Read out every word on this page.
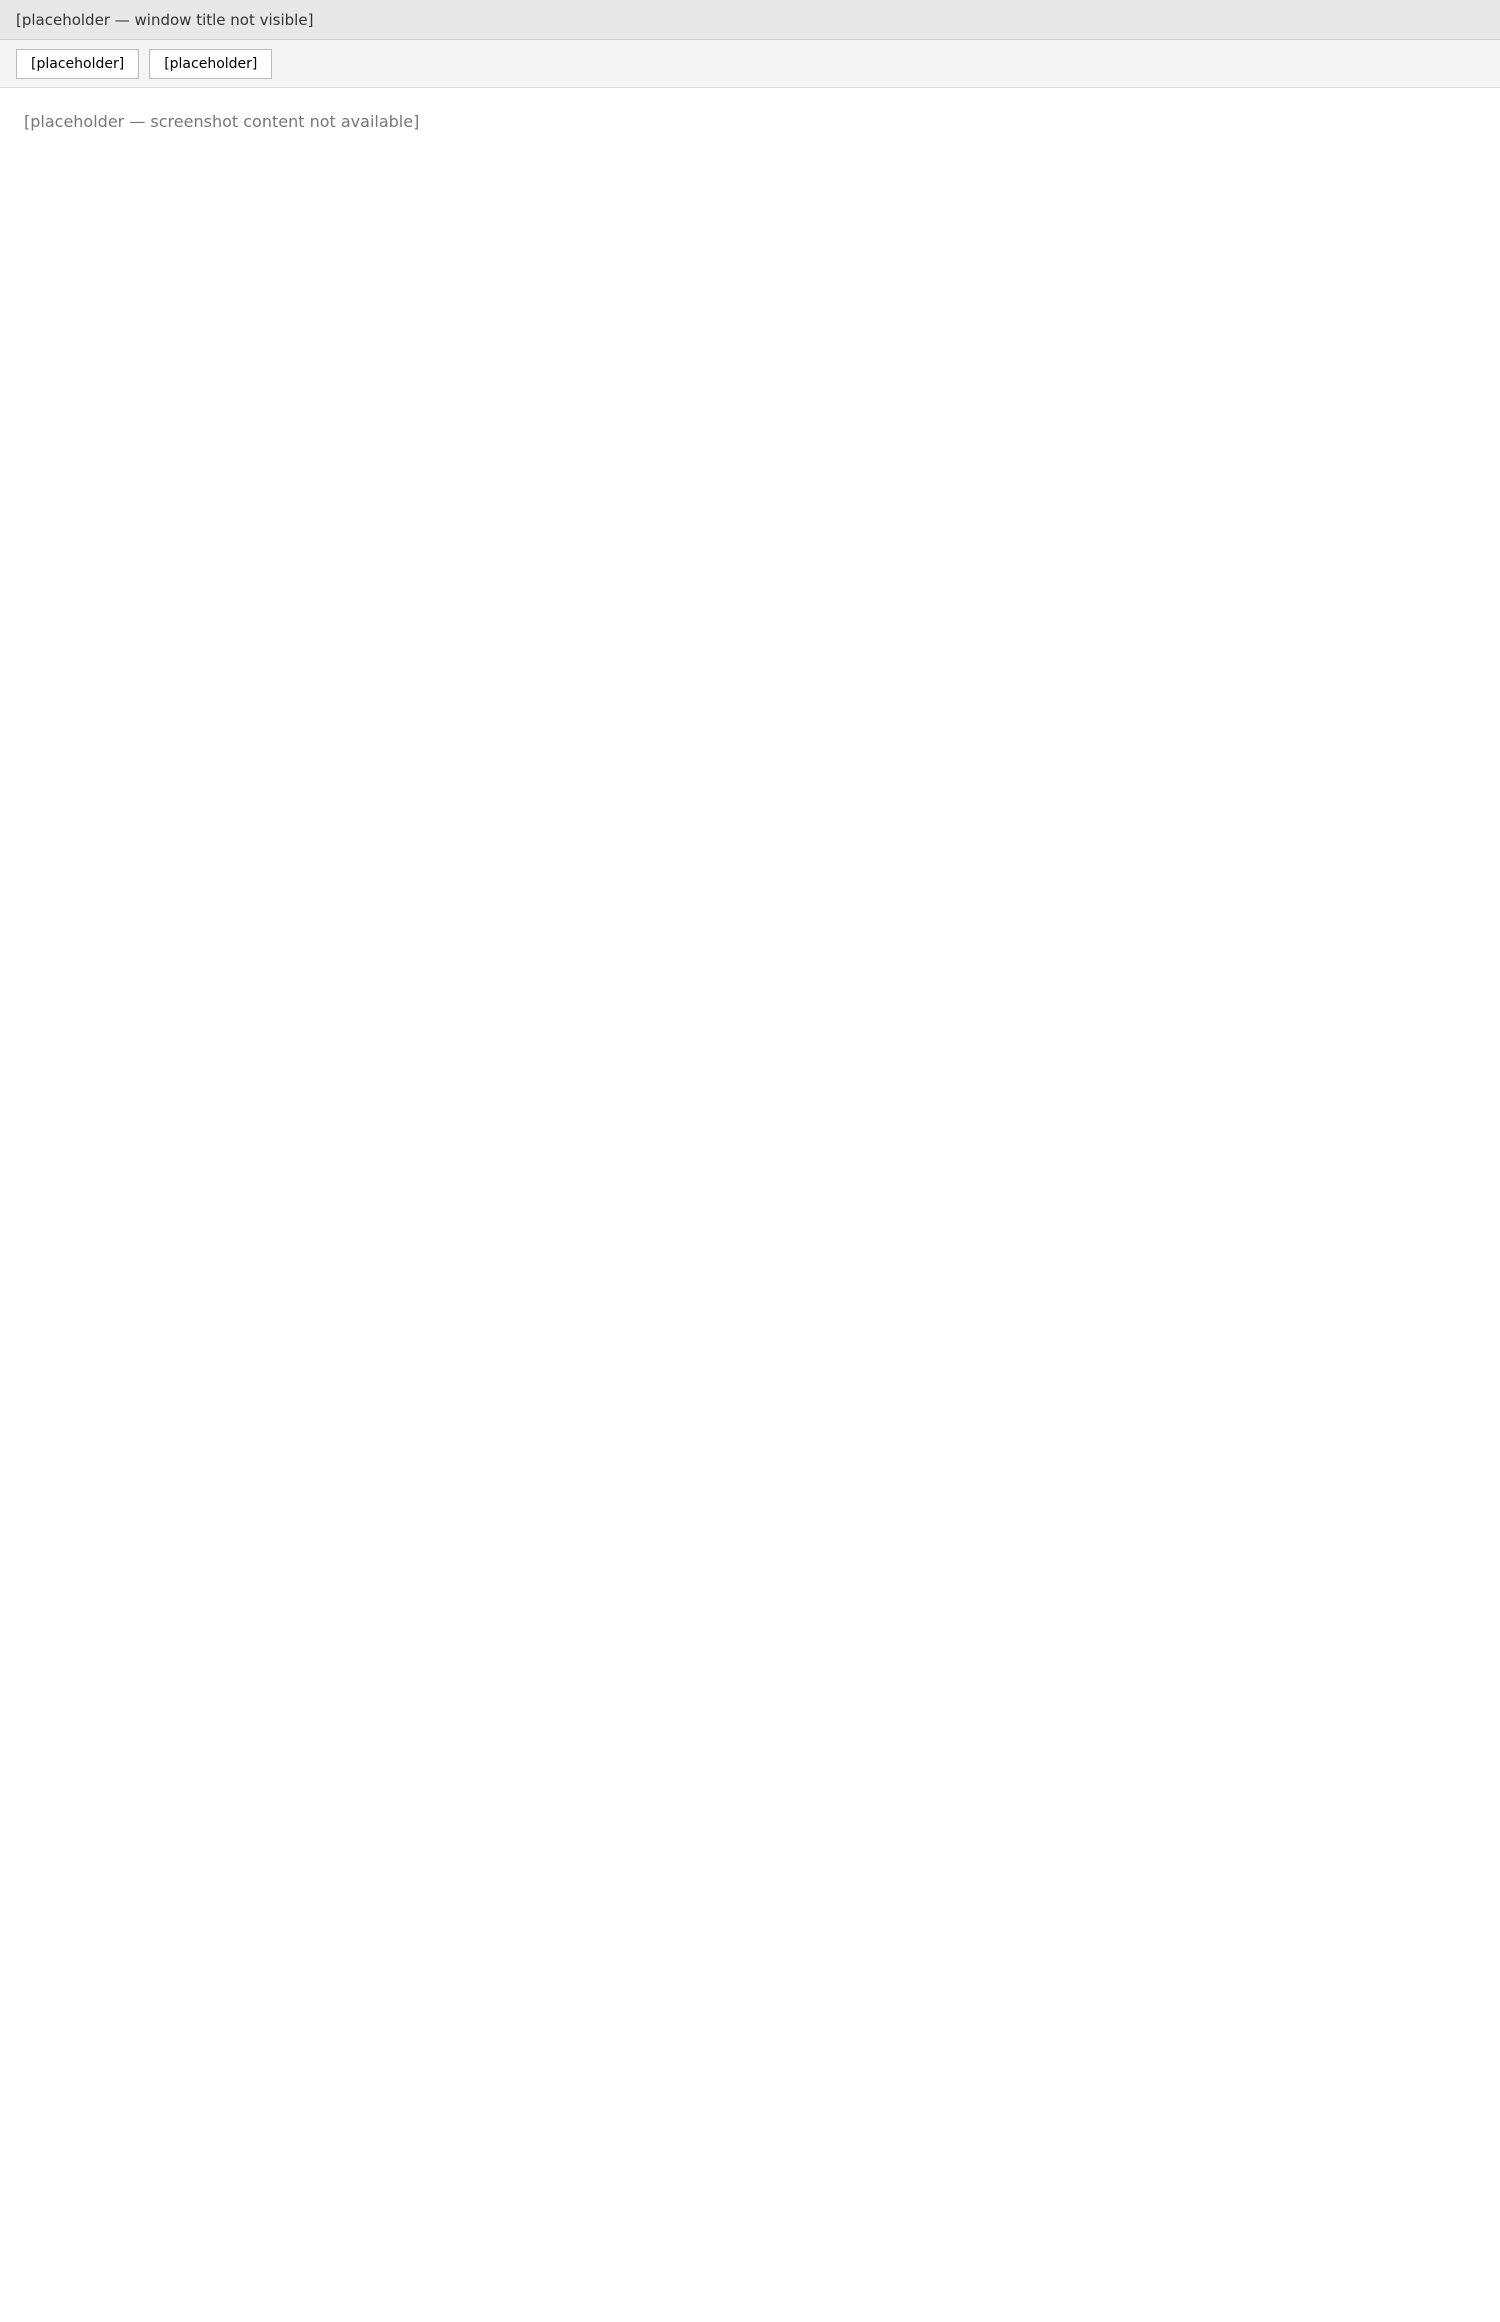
[placeholder — window title not visible]
[placeholder]	[placeholder]

[placeholder — screenshot content not available]
